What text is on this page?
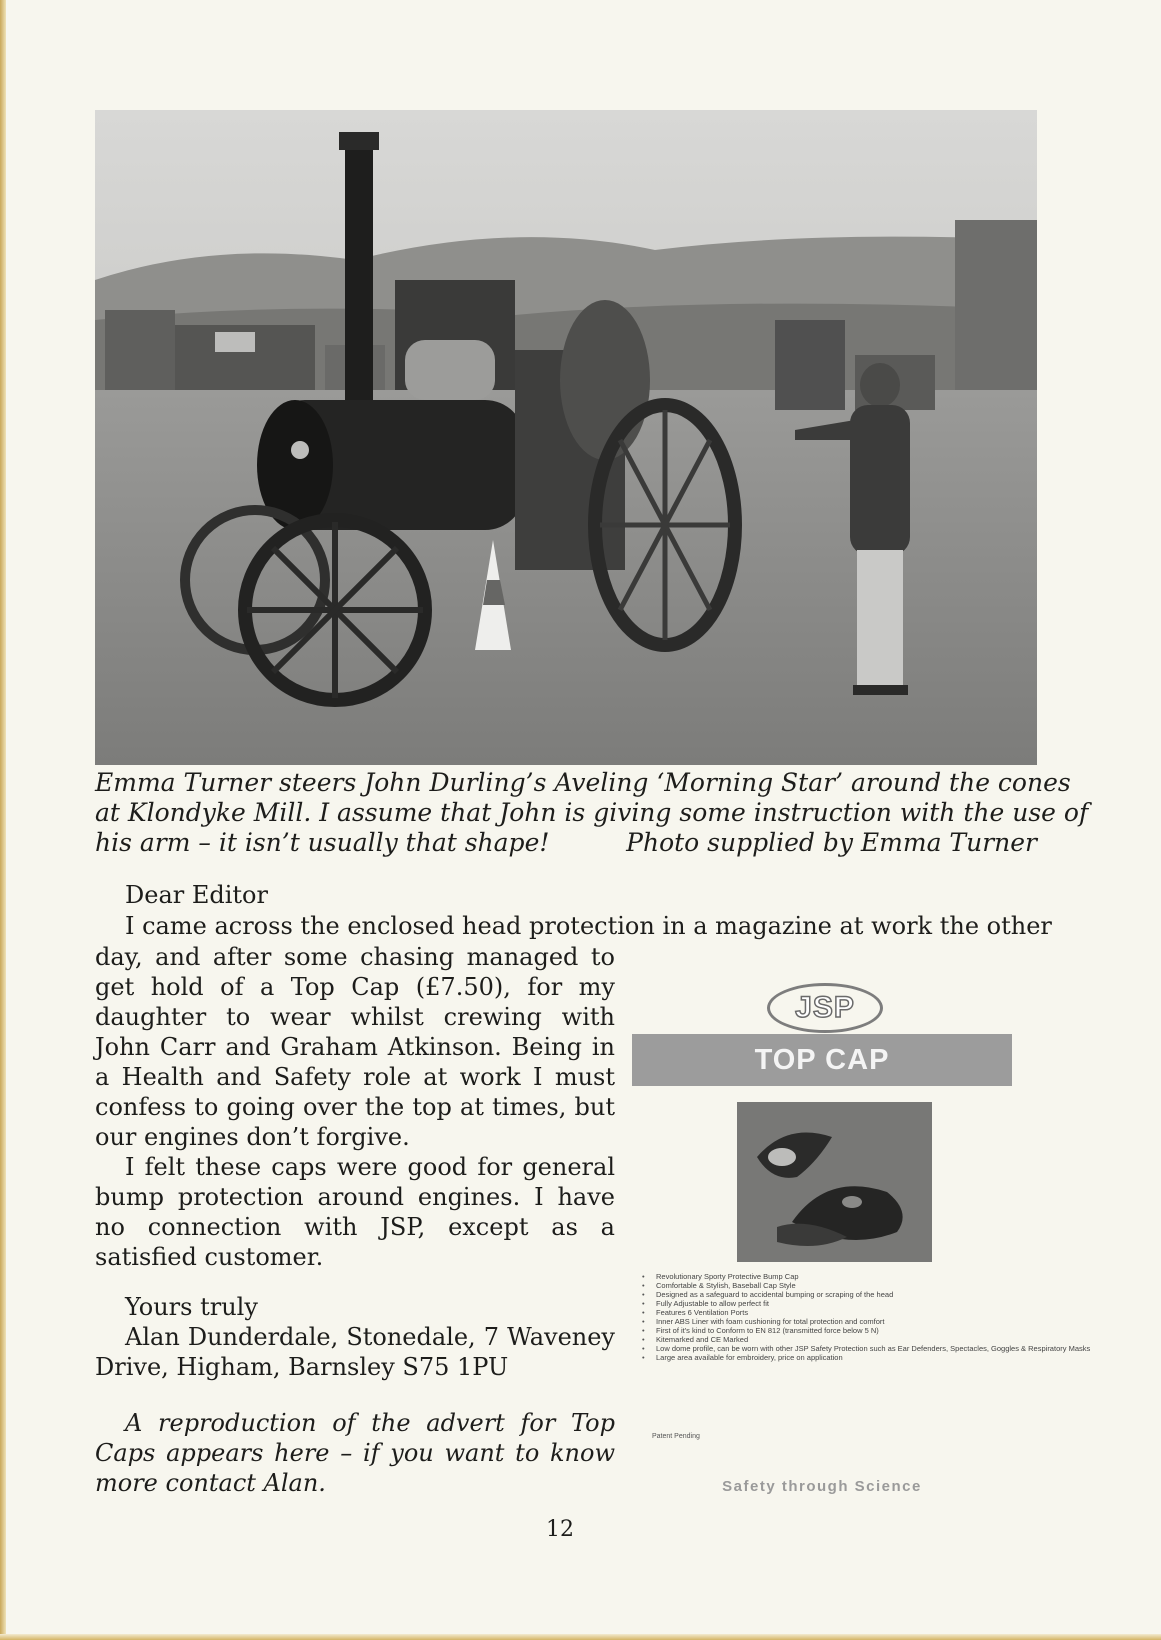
Emma Turner steers John Durling’s Aveling ‘Morning Star’ around the cones
at Klondyke Mill. I assume that John is giving some instruction with the use of
his arm – it isn’t usually that shape!	Photo supplied by Emma Turner
Dear Editor
I came across the enclosed head protection in a magazine at work the other

day, and after some chasing managed to get hold of a Top Cap (£7.50), for my daughter to wear whilst crewing with John Carr and Graham Atkinson. Being in a Health and Safety role at work I must confess to going over the top at times, but our engines don’t forgive.

I felt these caps were good for general bump protection around engines. I have no connection with JSP, except as a satisfied customer.

Yours truly
Alan Dunderdale, Stonedale, 7 Waveney Drive, Higham, Barnsley S75 1PU

A reproduction of the advert for Top Caps appears here – if you want to know more contact Alan.

JSP
TOP CAP
• Revolutionary Sporty Protective Bump Cap
• Comfortable & Stylish, Baseball Cap Style
• Designed as a safeguard to accidental bumping or scraping of the head
• Fully Adjustable to allow perfect fit
• Features 6 Ventilation Ports
• Inner ABS Liner with foam cushioning for total protection and comfort
• First of it's kind to Conform to EN 812 (transmitted force below 5 N)
• Kitemarked and CE Marked
• Low dome profile, can be worn with other JSP Safety Protection such as Ear Defenders, Spectacles, Goggles & Respiratory Masks
• Large area available for embroidery, price on application
Patent Pending
Safety through Science
12
